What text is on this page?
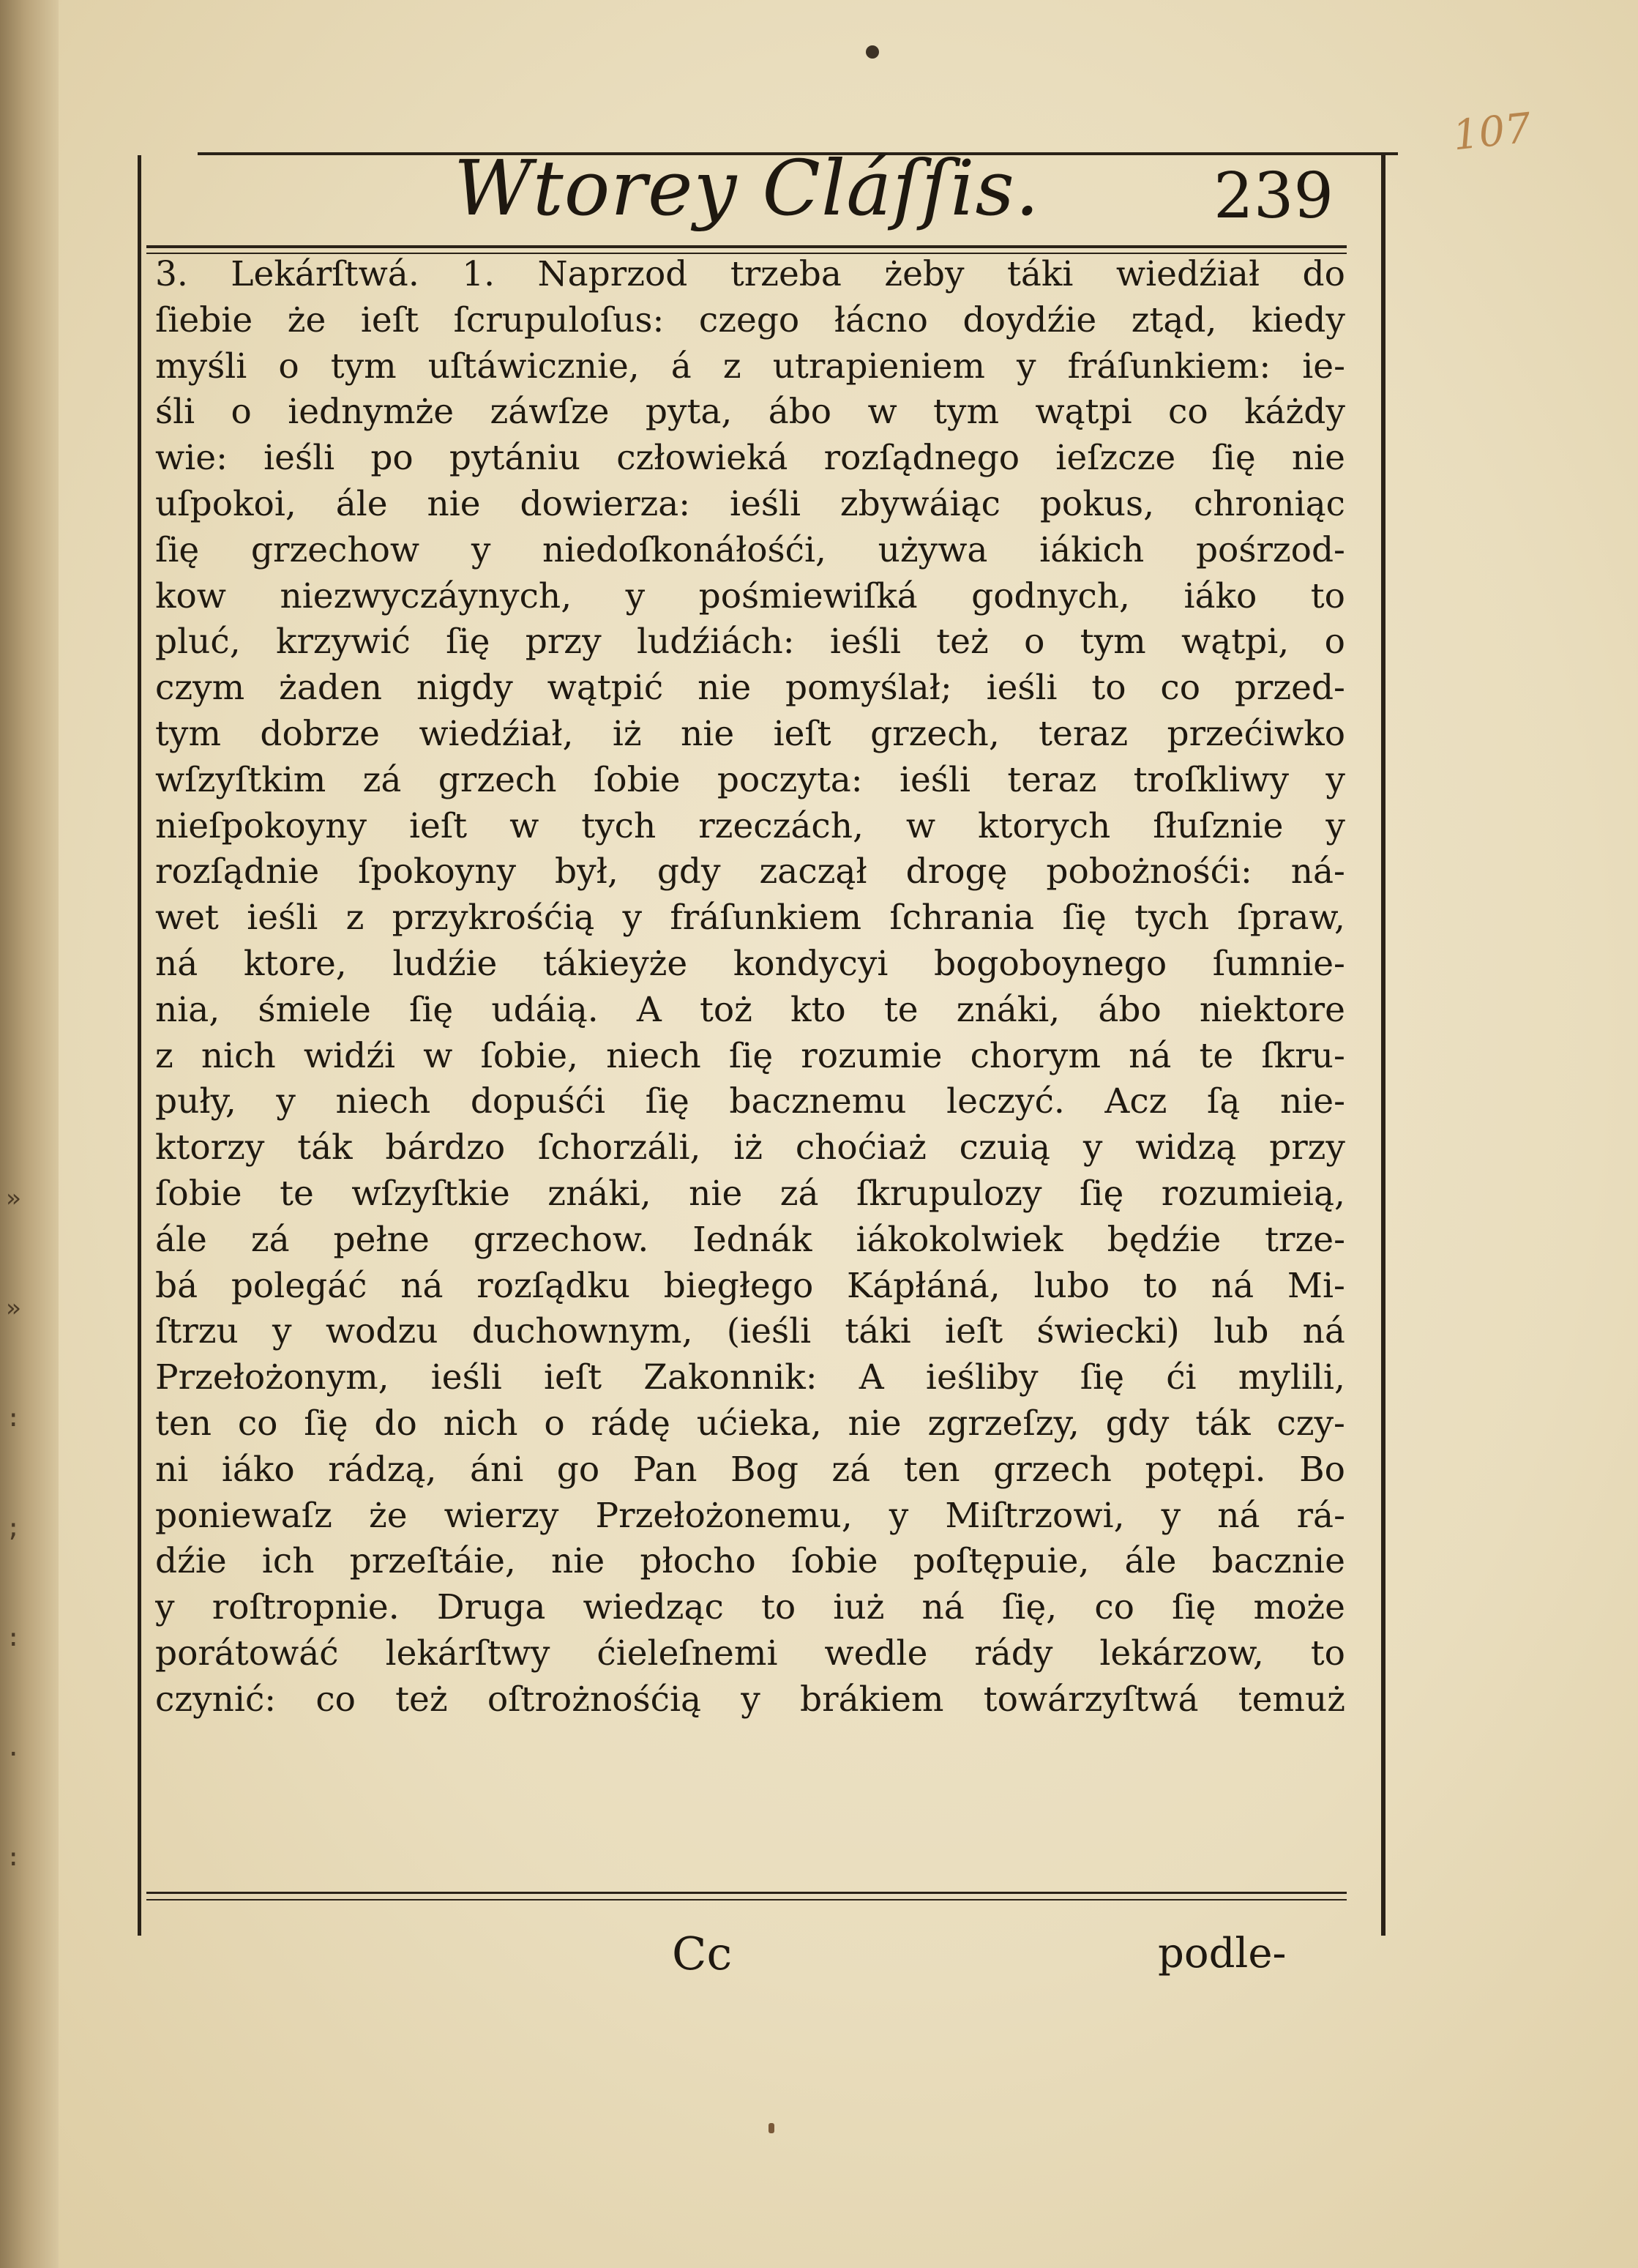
»

»

:

;

:

.

:
107
Wtorey Cláſſis.	239
3. Lekárſtwá. 1. Naprzod trzeba żeby táki wiedźiał do
ſiebie że ieſt ſcrupuloſus: czego łácno doydźie ztąd, kiedy
myśli o tym uſtáwicznie, á z utrapieniem y fráſunkiem: ie-
śli o iednymże záwſze pyta, ábo w tym wątpi co káżdy
wie: ieśli po pytániu człowieká rozſądnego ieſzcze ſię nie
uſpokoi, ále nie dowierza: ieśli zbywáiąc pokus, chroniąc
ſię grzechow y niedoſkonáłośći, używa iákich pośrzod-
kow niezwyczáynych, y pośmiewiſká godnych, iáko to
pluć, krzywić ſię przy ludźiách: ieśli też o tym wątpi, o
czym żaden nigdy wątpić nie pomyślał; ieśli to co przed-
tym dobrze wiedźiał, iż nie ieſt grzech, teraz przećiwko
wſzyſtkim zá grzech ſobie poczyta: ieśli teraz troſkliwy y
nieſpokoyny ieſt w tych rzeczách, w ktorych ſłuſznie y
rozſądnie ſpokoyny był, gdy zaczął drogę pobożnośći: ná-
wet ieśli z przykrośćią y fráſunkiem ſchrania ſię tych ſpraw,
ná ktore, ludźie tákieyże kondycyi bogoboynego ſumnie-
nia, śmiele ſię udáią. A toż kto te znáki, ábo niektore
z nich widźi w ſobie, niech ſię rozumie chorym ná te ſkru-
puły, y niech dopuśći ſię bacznemu leczyć. Acz ſą nie-
ktorzy ták bárdzo ſchorzáli, iż choćiaż czuią y widzą przy
ſobie te wſzyſtkie znáki, nie zá ſkrupulozy ſię rozumieią,
ále zá pełne grzechow. Iednák iákokolwiek będźie trze-
bá polegáć ná rozſądku biegłego Kápłáná, lubo to ná Mi-
ſtrzu y wodzu duchownym, (ieśli táki ieſt świecki) lub ná
Przełożonym, ieśli ieſt Zakonnik: A ieśliby ſię ći mylili,
ten co ſię do nich o rádę ućieka, nie zgrzeſzy, gdy ták czy-
ni iáko rádzą, áni go Pan Bog zá ten grzech potępi. Bo
poniewaſz że wierzy Przełożonemu, y Miſtrzowi, y ná rá-
dźie ich przeſtáie, nie płocho ſobie poſtępuie, ále bacznie
y roſtropnie. Druga wiedząc to iuż ná ſię, co ſię może
porátowáć lekárſtwy ćieleſnemi wedle rády lekárzow, to
czynić: co też oſtrożnośćią y brákiem towárzyſtwá temuż
Cc	podle-
